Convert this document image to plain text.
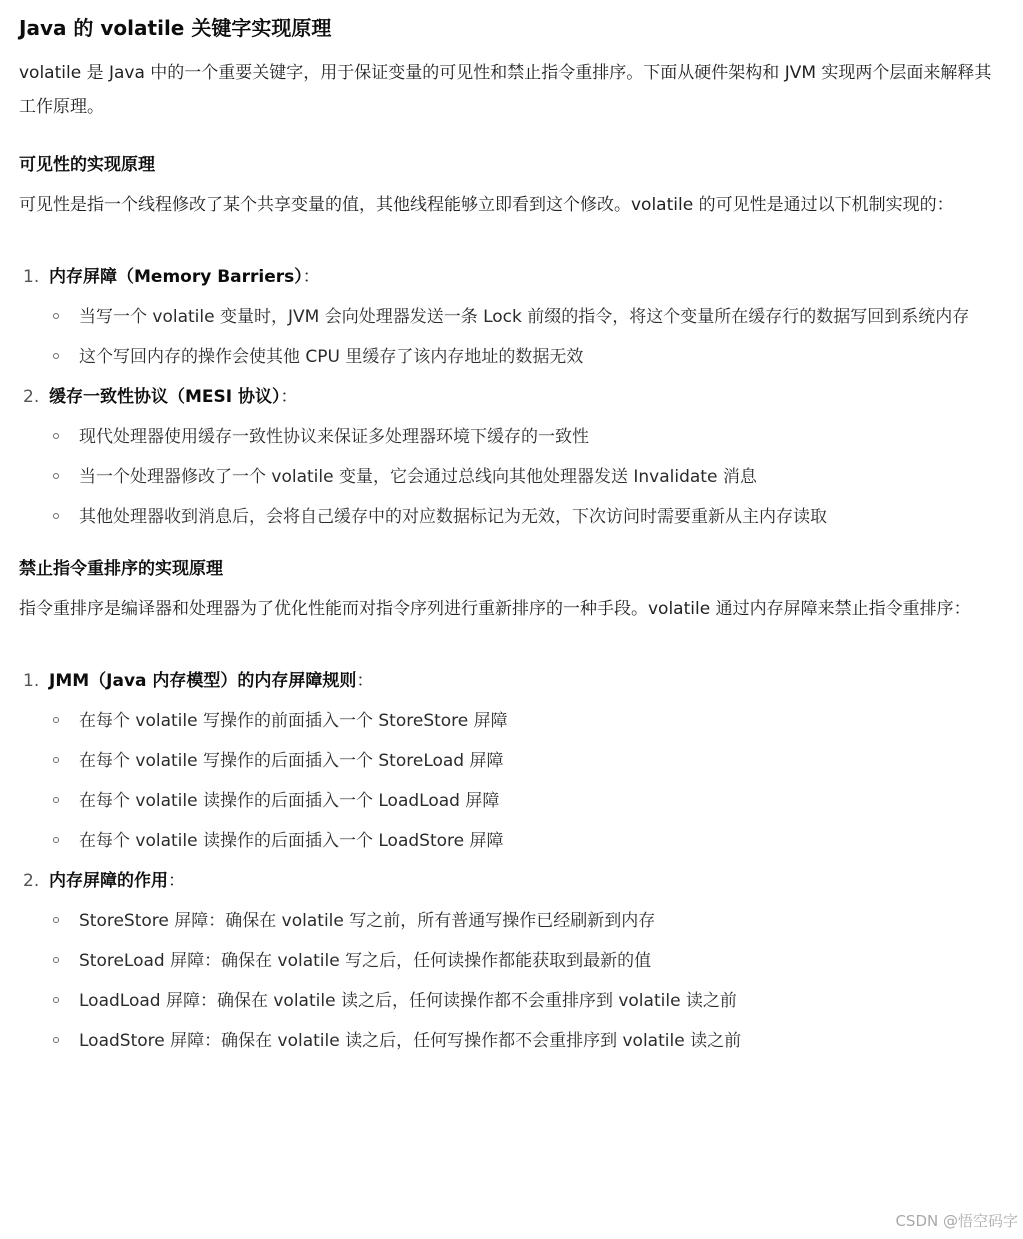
Java 的 volatile 关键字实现原理

volatile 是 Java 中的一个重要关键字，用于保证变量的可见性和禁止指令重排序。下面从硬件架构和 JVM 实现两个层面来解释其工作原理。

可见性的实现原理

可见性是指一个线程修改了某个共享变量的值，其他线程能够立即看到这个修改。volatile 的可见性是通过以下机制实现的：

1. 内存屏障（Memory Barriers）：
当写一个 volatile 变量时，JVM 会向处理器发送一条 Lock 前缀的指令，将这个变量所在缓存行的数据写回到系统内存
这个写回内存的操作会使其他 CPU 里缓存了该内存地址的数据无效
2. 缓存一致性协议（MESI 协议）：
现代处理器使用缓存一致性协议来保证多处理器环境下缓存的一致性
当一个处理器修改了一个 volatile 变量，它会通过总线向其他处理器发送 Invalidate 消息
其他处理器收到消息后，会将自己缓存中的对应数据标记为无效，下次访问时需要重新从主内存读取
禁止指令重排序的实现原理

指令重排序是编译器和处理器为了优化性能而对指令序列进行重新排序的一种手段。volatile 通过内存屏障来禁止指令重排序：

1. JMM（Java 内存模型）的内存屏障规则：
在每个 volatile 写操作的前面插入一个 StoreStore 屏障
在每个 volatile 写操作的后面插入一个 StoreLoad 屏障
在每个 volatile 读操作的后面插入一个 LoadLoad 屏障
在每个 volatile 读操作的后面插入一个 LoadStore 屏障
2. 内存屏障的作用：
StoreStore 屏障：确保在 volatile 写之前，所有普通写操作已经刷新到内存
StoreLoad 屏障：确保在 volatile 写之后，任何读操作都能获取到最新的值
LoadLoad 屏障：确保在 volatile 读之后，任何读操作都不会重排序到 volatile 读之前
LoadStore 屏障：确保在 volatile 读之后，任何写操作都不会重排序到 volatile 读之前
CSDN @悟空码字
